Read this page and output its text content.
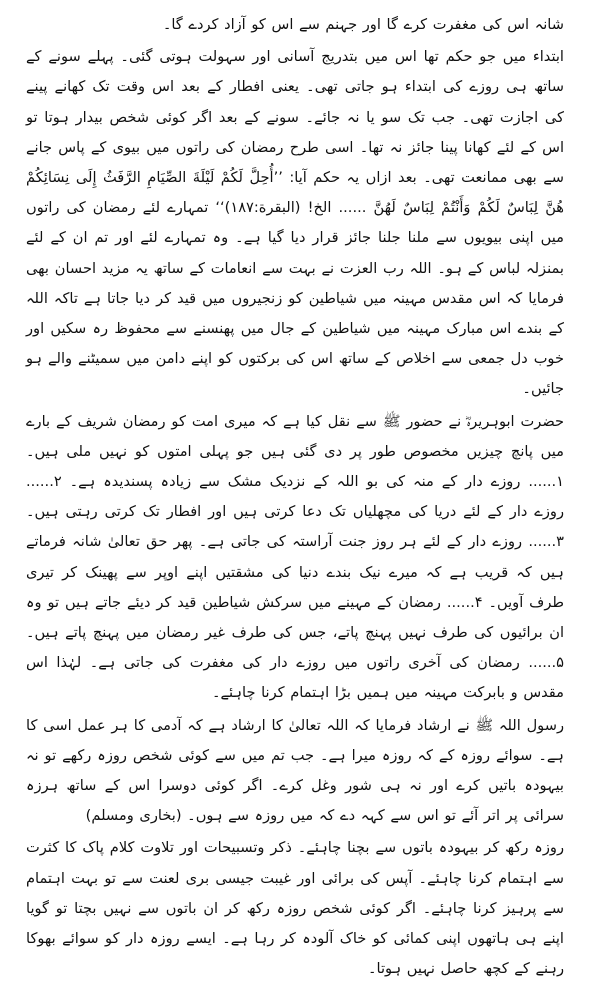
شانہ اس کی مغفرت کرے گا اور جہنم سے اس کو آزاد کردے گا۔

ابتداء میں جو حکم تھا اس میں بتدریج آسانی اور سہولت ہوتی گئی۔ پہلے سونے کے ساتھ ہی روزے کی ابتداء ہو جاتی تھی۔ یعنی افطار کے بعد اس وقت تک کھانے پینے کی اجازت تھی۔ جب تک سو یا نہ جائے۔ سونے کے بعد اگر کوئی شخص بیدار ہوتا تو اس کے لئے کھانا پینا جائز نہ تھا۔ اسی طرح رمضان کی راتوں میں بیوی کے پاس جانے سے بھی ممانعت تھی۔ بعد ازاں یہ حکم آیا: ’’أُحِلَّ لَكُمْ لَيْلَةَ الصِّيَامِ الرَّفَثُ إِلَى نِسَائِكُمْ هُنَّ لِبَاسٌ لَكُمْ وَأَنْتُمْ لِبَاسٌ لَهُنَّ ...... الخ! (البقرة:۱۸۷)‘‘ تمہارے لئے رمضان کی راتوں میں اپنی بیویوں سے ملنا جلنا جائز قرار دیا گیا ہے۔ وہ تمہارے لئے اور تم ان کے لئے بمنزلہ لباس کے ہو۔ اللہ رب العزت نے بہت سے انعامات کے ساتھ یہ مزید احسان بھی فرمایا کہ اس مقدس مہینہ میں شیاطین کو زنجیروں میں قید کر دیا جاتا ہے تاکہ اللہ کے بندے اس مبارک مہینہ میں شیاطین کے جال میں پھنسنے سے محفوظ رہ سکیں اور خوب دل جمعی سے اخلاص کے ساتھ اس کی برکتوں کو اپنے دامن میں سمیٹنے والے ہو جائیں۔

حضرت ابوہریرہؓ نے حضور ﷺ سے نقل کیا ہے کہ میری امت کو رمضان شریف کے بارے میں پانچ چیزیں مخصوص طور پر دی گئی ہیں جو پہلی امتوں کو نہیں ملی ہیں۔ ۱...... روزے دار کے منہ کی بو اللہ کے نزدیک مشک سے زیادہ پسندیدہ ہے۔ ۲...... روزے دار کے لئے دریا کی مچھلیاں تک دعا کرتی ہیں اور افطار تک کرتی رہتی ہیں۔ ۳...... روزے دار کے لئے ہر روز جنت آراستہ کی جاتی ہے۔ پھر حق تعالیٰ شانہ فرماتے ہیں کہ قریب ہے کہ میرے نیک بندے دنیا کی مشقتیں اپنے اوپر سے پھینک کر تیری طرف آویں۔ ۴...... رمضان کے مہینے میں سرکش شیاطین قید کر دیئے جاتے ہیں تو وہ ان برائیوں کی طرف نہیں پہنچ پاتے، جس کی طرف غیر رمضان میں پہنچ پاتے ہیں۔ ۵...... رمضان کی آخری راتوں میں روزے دار کی مغفرت کی جاتی ہے۔ لہٰذا اس مقدس و بابرکت مہینہ میں ہمیں بڑا اہتمام کرنا چاہئے۔

رسول اللہ ﷺ نے ارشاد فرمایا کہ اللہ تعالیٰ کا ارشاد ہے کہ آدمی کا ہر عمل اسی کا ہے۔ سوائے روزہ کے کہ روزہ میرا ہے۔ جب تم میں سے کوئی شخص روزہ رکھے تو نہ بیہودہ باتیں کرے اور نہ ہی شور وغل کرے۔ اگر کوئی دوسرا اس کے ساتھ ہرزہ سرائی پر اتر آئے تو اس سے کہہ دے کہ میں روزہ سے ہوں۔ (بخاری ومسلم)

روزہ رکھ کر بیہودہ باتوں سے بچنا چاہئے۔ ذکر وتسبیحات اور تلاوت کلام پاک کا کثرت سے اہتمام کرنا چاہئے۔ آپس کی برائی اور غیبت جیسی بری لعنت سے تو بہت اہتمام سے پرہیز کرنا چاہئے۔ اگر کوئی شخص روزہ رکھ کر ان باتوں سے نہیں بچتا تو گویا اپنے ہی ہاتھوں اپنی کمائی کو خاک آلودہ کر رہا ہے۔ ایسے روزہ دار کو سوائے بھوکا رہنے کے کچھ حاصل نہیں ہوتا۔
